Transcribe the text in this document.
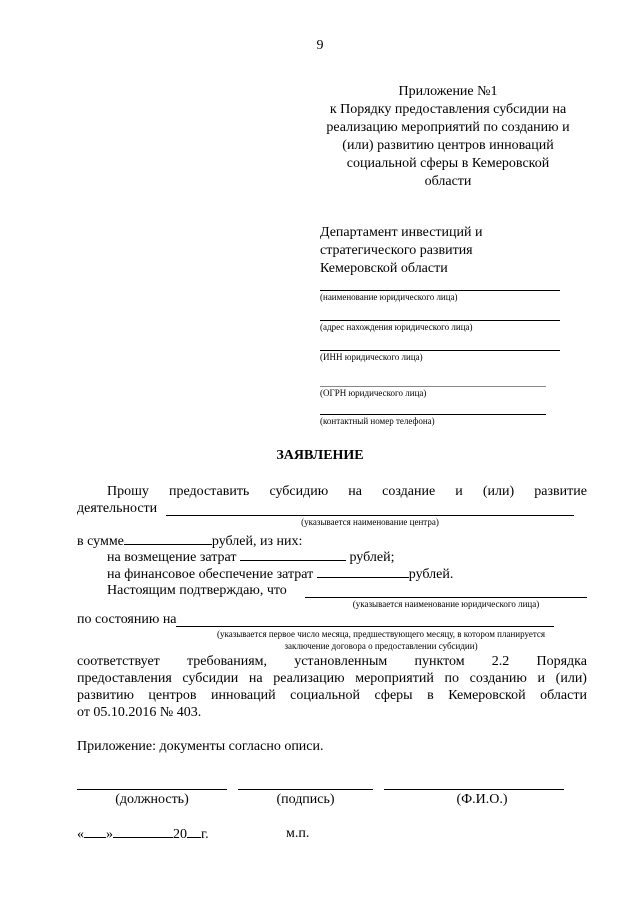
9
Приложение №1
к Порядку предоставления субсидии на
реализацию мероприятий по созданию и
(или) развитию центров инноваций
социальной сферы в Кемеровской
области
Департамент инвестиций и
стратегического развития
Кемеровской области
(наименование юридического лица)
(адрес нахождения юридического лица)
(ИНН юридического лица)
(ОГРН юридического лица)
(контактный номер телефона)
ЗАЯВЛЕНИЕ
Прошу предоставить субсидию на создание и (или) развитие
деятельности
(указывается наименование центра)
в сумме	рублей, из них:
на возмещение затрат	рублей;
на финансовое обеспечение затрат	рублей.
Настоящим подтверждаю, что
(указывается наименование юридического лица)
по состоянию на
(указывается первое число месяца, предшествующего месяцу, в котором планируется
заключение договора о предоставлении субсидии)
соответствует требованиям, установленным пунктом 2.2 Порядка
предоставления субсидии на реализацию мероприятий по созданию и (или)
развитию центров инноваций социальной сферы в Кемеровской области
от 05.10.2016 № 403.
Приложение: документы согласно описи.
(должность)	(подпись)	(Ф.И.О.)
« »	20 г.	м.п.
